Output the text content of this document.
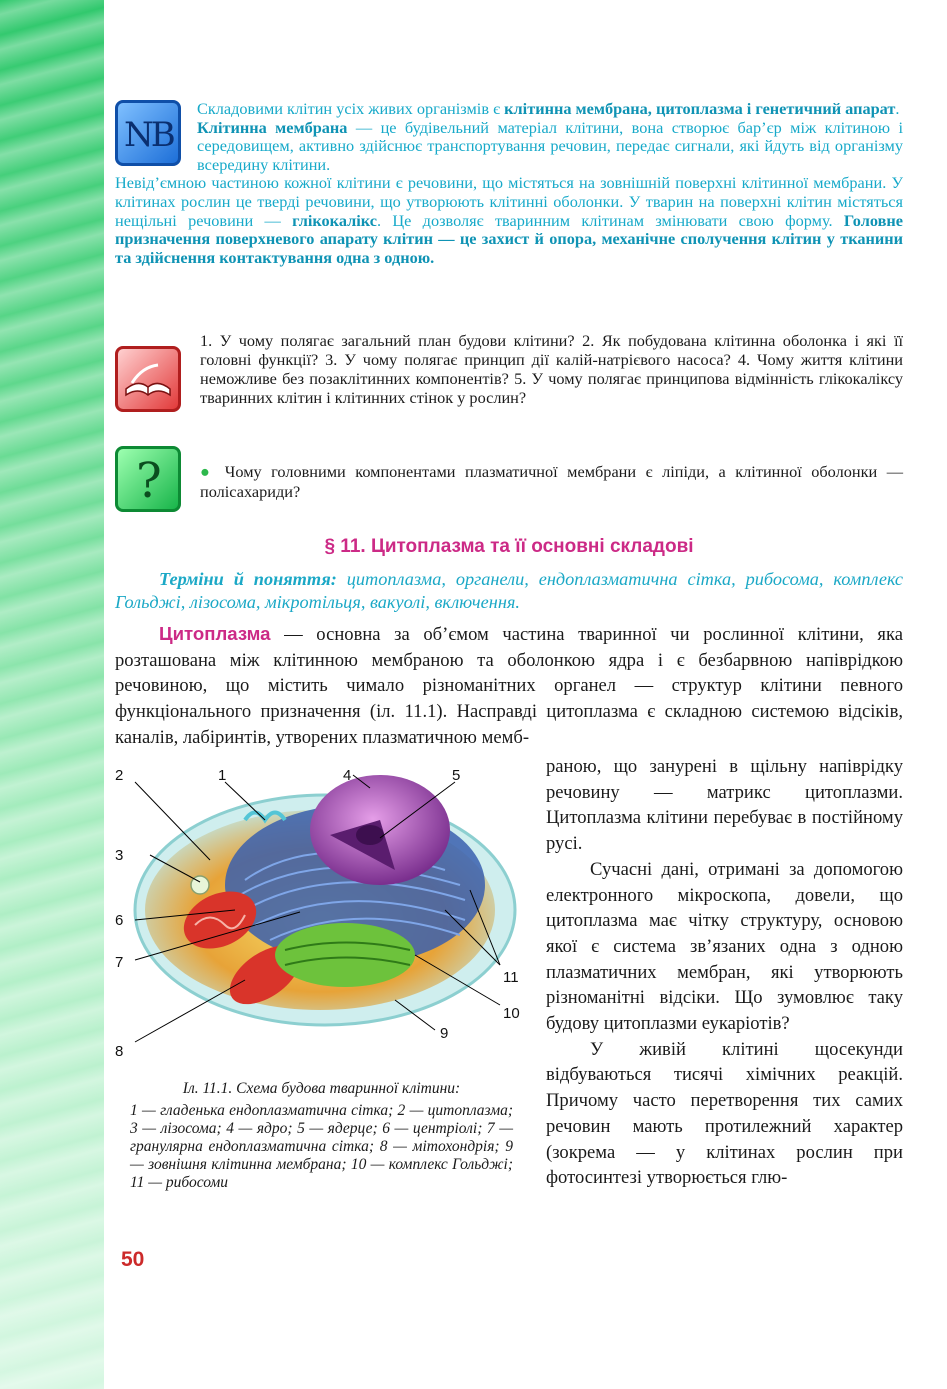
NB

Складовими клітин усіх живих організмів є клітинна мембрана, цитоплазма і генетичний апарат.

Клітинна мембрана — це будівельний матеріал клітини, вона створює бар’єр між клітиною і середовищем, активно здійснює транспортування речовин, передає сигнали, які йдуть від організму всередину клітини.

Невід’ємною частиною кожної клітини є речовини, що містяться на зовнішній поверхні клітинної мембрани. У клітинах рослин це тверді речовини, що утворюють клітинні оболонки. У тварин на поверхні клітин містяться нещільні речовини — глікокалікс. Це дозволяє тваринним клітинам змінювати свою форму. Головне призначення поверхневого апарату клітин — це захист й опора, механічне сполучення клітин у тканини та здійснення контактування одна з одною.

1. У чому полягає загальний план будови клітини? 2. Як побудована клітинна оболонка і які її головні функції? 3. У чому полягає принцип дії калій-натрієвого насоса? 4. Чому життя клітини неможливе без позаклітинних компонентів? 5. У чому полягає принципова відмінність глікокаліксу тваринних клітин і клітинних стінок у рослин?
? ● Чому головними компонентами плазматичної мембрани є ліпіди, а клітинної оболонки — полісахариди?
§ 11. Цитоплазма та її основні складові
Терміни й поняття: цитоплазма, органели, ендоплазматична сітка, рибосома, комплекс Гольджі, лізосома, мікротільця, вакуолі, включення.
Цитоплазма — основна за об’ємом частина тваринної чи рослинної клітини, яка розташована між клітинною мембраною та оболонкою ядра і є безбарвною напіврідкою речовиною, що містить чимало різноманітних органел — структур клітини певного функціонального призначення (іл. 11.1). Насправді цитоплазма є складною системою відсіків, каналів, лабіринтів, утворених плазматичною мемб-
2	1	4	5
3
6
7
8
9
10
11
Іл. 11.1. Схема будова тваринної клітини:
1 — гладенька ендоплазматична сітка; 2 — цитоплазма; 3 — лізосома; 4 — ядро; 5 — ядерце; 6 — центріолі; 7 — гранулярна ендоплазматична сітка; 8 — мітохондрія; 9 — зовнішня клітинна мембрана; 10 — комплекс Гольджі; 11 — рибосоми

раною, що занурені в щільну напіврідку речовину — матрикс цитоплазми. Цитоплазма клітини перебуває в постійному русі.

Сучасні дані, отримані за допомогою електронного мікроскопа, довели, що цитоплазма має чітку структуру, основою якої є система зв’язаних одна з одною плазматичних мембран, які утворюють різноманітні відсіки. Що зумовлює таку будову цитоплазми еукаріотів?

У живій клітині щосекунди відбуваються тисячі хімічних реакцій. Причому часто перетворення тих самих речовин мають протилежний характер (зокрема — у клітинах рослин при фотосинтезі утворюється глю-

50
